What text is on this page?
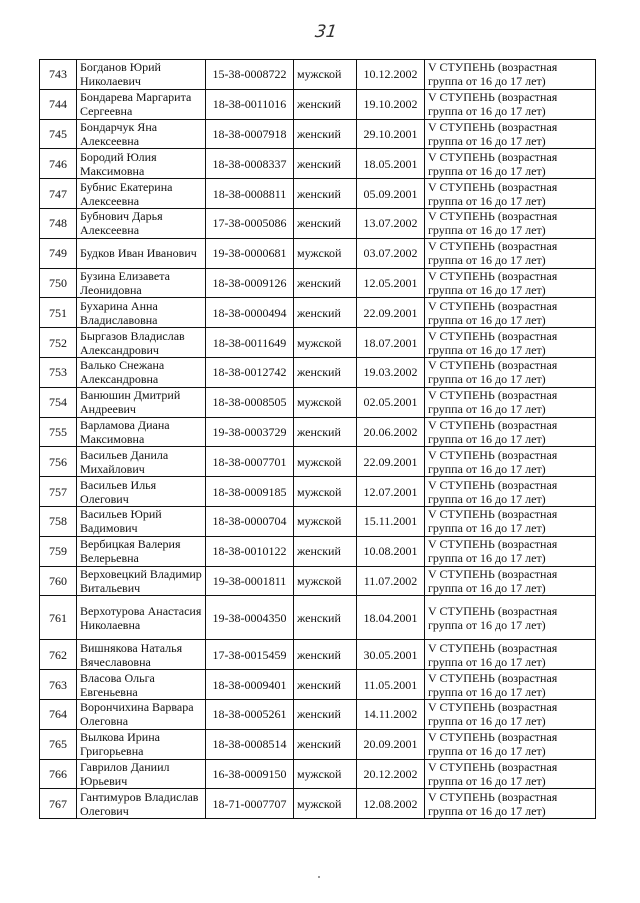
31
743	Богданов Юрий Николаевич	15-38-0008722	мужской	10.12.2002	V СТУПЕНЬ (возрастная группа от 16 до 17 лет)
744	Бондарева Маргарита Сергеевна	18-38-0011016	женский	19.10.2002	V СТУПЕНЬ (возрастная группа от 16 до 17 лет)
745	Бондарчук Яна Алексеевна	18-38-0007918	женский	29.10.2001	V СТУПЕНЬ (возрастная группа от 16 до 17 лет)
746	Бородий Юлия Максимовна	18-38-0008337	женский	18.05.2001	V СТУПЕНЬ (возрастная группа от 16 до 17 лет)
747	Бубнис Екатерина Алексеевна	18-38-0008811	женский	05.09.2001	V СТУПЕНЬ (возрастная группа от 16 до 17 лет)
748	Бубнович Дарья Алексеевна	17-38-0005086	женский	13.07.2002	V СТУПЕНЬ (возрастная группа от 16 до 17 лет)
749	Будков Иван Иванович	19-38-0000681	мужской	03.07.2002	V СТУПЕНЬ (возрастная группа от 16 до 17 лет)
750	Бузина Елизавета Леонидовна	18-38-0009126	женский	12.05.2001	V СТУПЕНЬ (возрастная группа от 16 до 17 лет)
751	Бухарина Анна Владиславовна	18-38-0000494	женский	22.09.2001	V СТУПЕНЬ (возрастная группа от 16 до 17 лет)
752	Быргазов Владислав Александрович	18-38-0011649	мужской	18.07.2001	V СТУПЕНЬ (возрастная группа от 16 до 17 лет)
753	Валько Снежана Александровна	18-38-0012742	женский	19.03.2002	V СТУПЕНЬ (возрастная группа от 16 до 17 лет)
754	Ванюшин Дмитрий Андреевич	18-38-0008505	мужской	02.05.2001	V СТУПЕНЬ (возрастная группа от 16 до 17 лет)
755	Варламова Диана Максимовна	19-38-0003729	женский	20.06.2002	V СТУПЕНЬ (возрастная группа от 16 до 17 лет)
756	Васильев Данила Михайлович	18-38-0007701	мужской	22.09.2001	V СТУПЕНЬ (возрастная группа от 16 до 17 лет)
757	Васильев Илья Олегович	18-38-0009185	мужской	12.07.2001	V СТУПЕНЬ (возрастная группа от 16 до 17 лет)
758	Васильев Юрий Вадимович	18-38-0000704	мужской	15.11.2001	V СТУПЕНЬ (возрастная группа от 16 до 17 лет)
759	Вербицкая Валерия Велерьевна	18-38-0010122	женский	10.08.2001	V СТУПЕНЬ (возрастная группа от 16 до 17 лет)
760	Верховецкий Владимир Витальевич	19-38-0001811	мужской	11.07.2002	V СТУПЕНЬ (возрастная группа от 16 до 17 лет)
761	Верхотурова Анастасия Николаевна	19-38-0004350	женский	18.04.2001	V СТУПЕНЬ (возрастная группа от 16 до 17 лет)
762	Вишнякова Наталья Вячеславовна	17-38-0015459	женский	30.05.2001	V СТУПЕНЬ (возрастная группа от 16 до 17 лет)
763	Власова Ольга Евгеньевна	18-38-0009401	женский	11.05.2001	V СТУПЕНЬ (возрастная группа от 16 до 17 лет)
764	Ворончихина Варвара Олеговна	18-38-0005261	женский	14.11.2002	V СТУПЕНЬ (возрастная группа от 16 до 17 лет)
765	Вылкова Ирина Григорьевна	18-38-0008514	женский	20.09.2001	V СТУПЕНЬ (возрастная группа от 16 до 17 лет)
766	Гаврилов Даниил Юрьевич	16-38-0009150	мужской	20.12.2002	V СТУПЕНЬ (возрастная группа от 16 до 17 лет)
767	Гантимуров Владислав Олегович	18-71-0007707	мужской	12.08.2002	V СТУПЕНЬ (возрастная группа от 16 до 17 лет)
